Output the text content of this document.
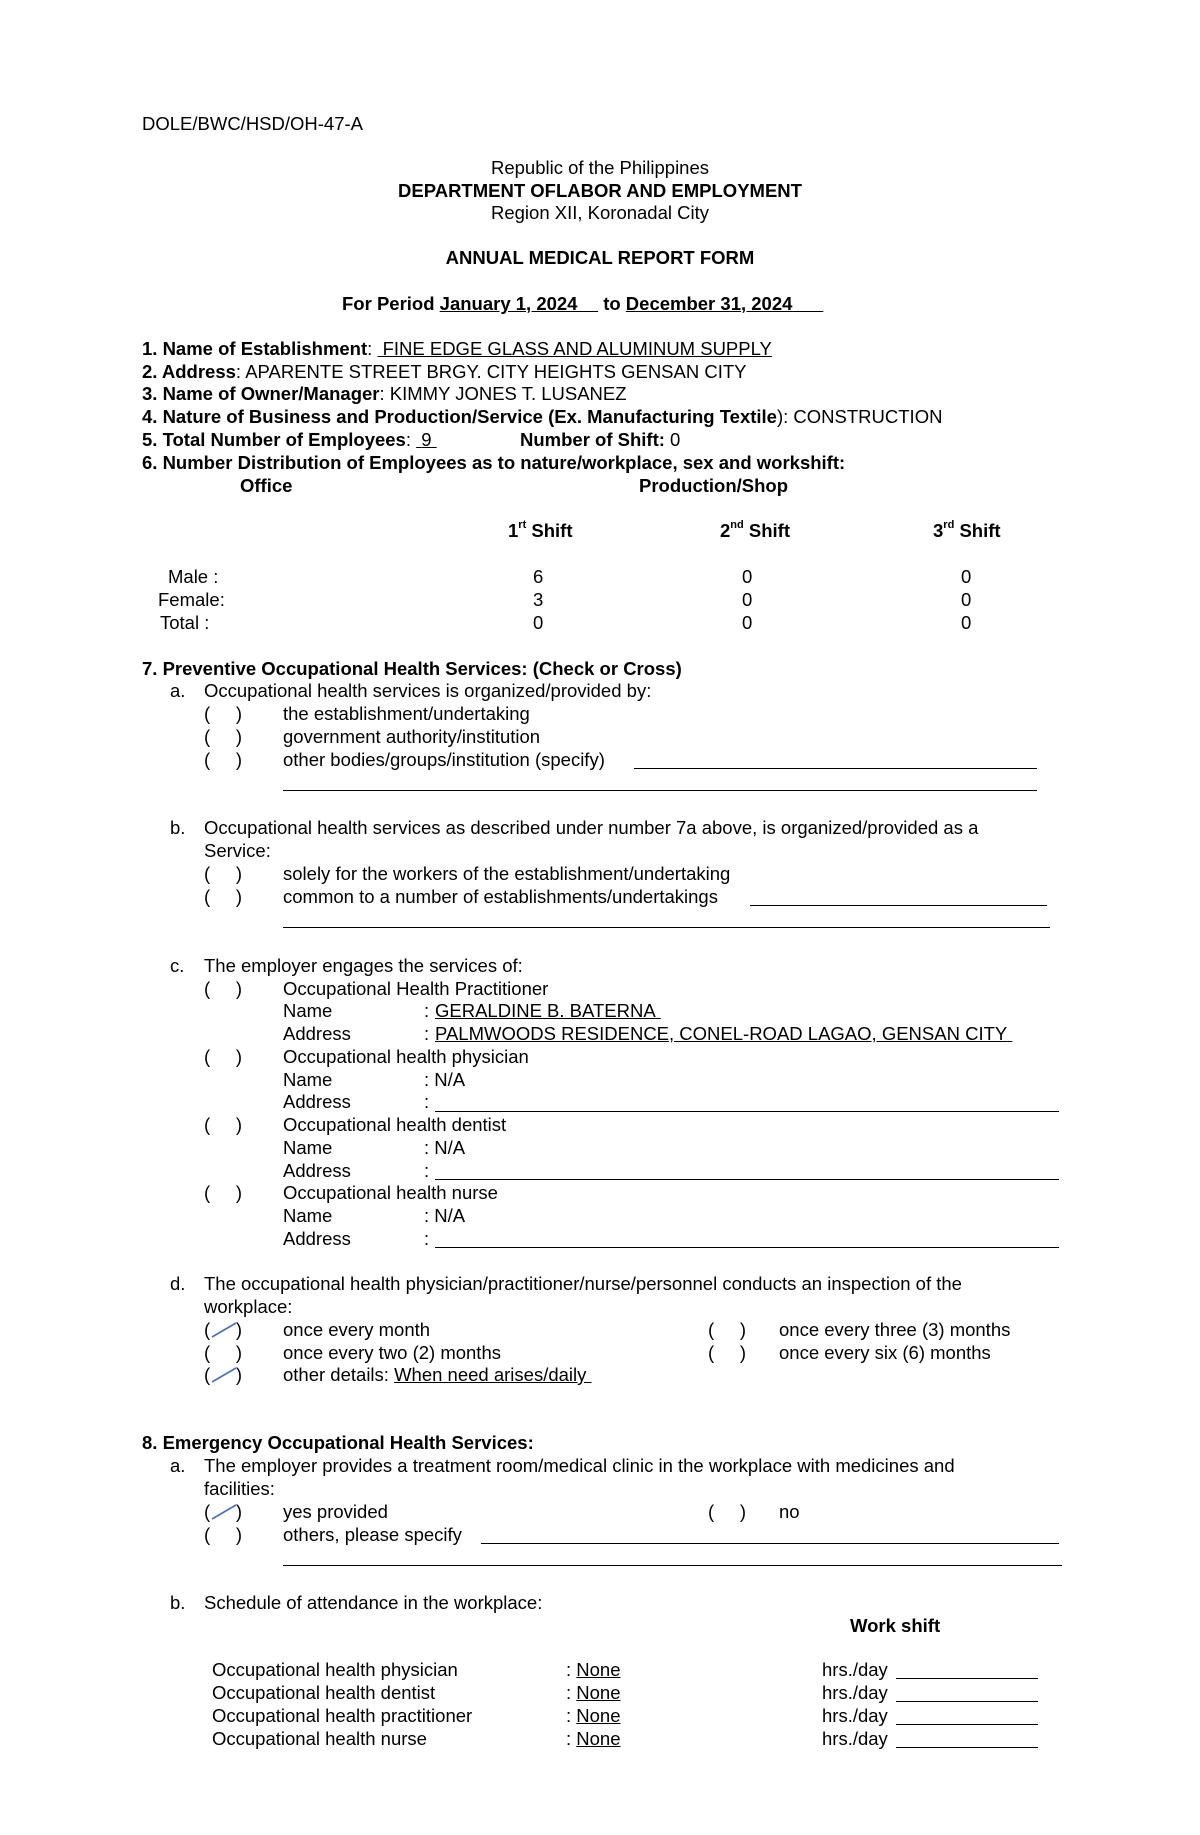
DOLE/BWC/HSD/OH-47-A
Republic of the Philippines
DEPARTMENT OFLABOR AND EMPLOYMENT
Region XII, Koronadal City
ANNUAL MEDICAL REPORT FORM
For Period January 1, 2024 to December 31, 2024
1. Name of Establishment:  FINE EDGE GLASS AND ALUMINUM SUPPLY
2. Address: APARENTE STREET BRGY. CITY HEIGHTS GENSAN CITY
3. Name of Owner/Manager: KIMMY JONES T. LUSANEZ
4. Nature of Business and Production/Service (Ex. Manufacturing Textile): CONSTRUCTION
5. Total Number of Employees:  9	Number of Shift: 0
6. Number Distribution of Employees as to nature/workplace, sex and workshift:
Office	Production/Shop
$1^{rt}$ Shift	2nd Shift	3rd Shift
Male :	6	0	0
Female:	3	0	0
Total :	0	0	0
7. Preventive Occupational Health Services: (Check or Cross)
a. Occupational health services is organized/provided by:
( ) the establishment/undertaking
( ) government authority/institution
( ) other bodies/groups/institution (specify)
b. Occupational health services as described under number 7a above, is organized/provided as a
Service:
( ) solely for the workers of the establishment/undertaking
( ) common to a number of establishments/undertakings
c. The employer engages the services of:
( ) Occupational Health Practitioner
Name	: GERALDINE B. BATERNA
Address	: PALMWOODS RESIDENCE, CONEL-ROAD LAGAO, GENSAN CITY
( ) Occupational health physician
Name	: N/A
Address	:
( ) Occupational health dentist
Name	: N/A
Address	:
( ) Occupational health nurse
Name	: N/A
Address	:
d. The occupational health physician/practitioner/nurse/personnel conducts an inspection of the
workplace:
( ) once every month	( ) once every three (3) months
( ) once every two (2) months	( ) once every six (6) months
( ) other details: When need arises/daily
8. Emergency Occupational Health Services:
a. The employer provides a treatment room/medical clinic in the workplace with medicines and
facilities:
( ) yes provided	( ) no
( ) others, please specify
b. Schedule of attendance in the workplace:
Work shift
Occupational health physician	: None	hrs./day
Occupational health dentist	: None	hrs./day
Occupational health practitioner	: None	hrs./day
Occupational health nurse	: None	hrs./day
